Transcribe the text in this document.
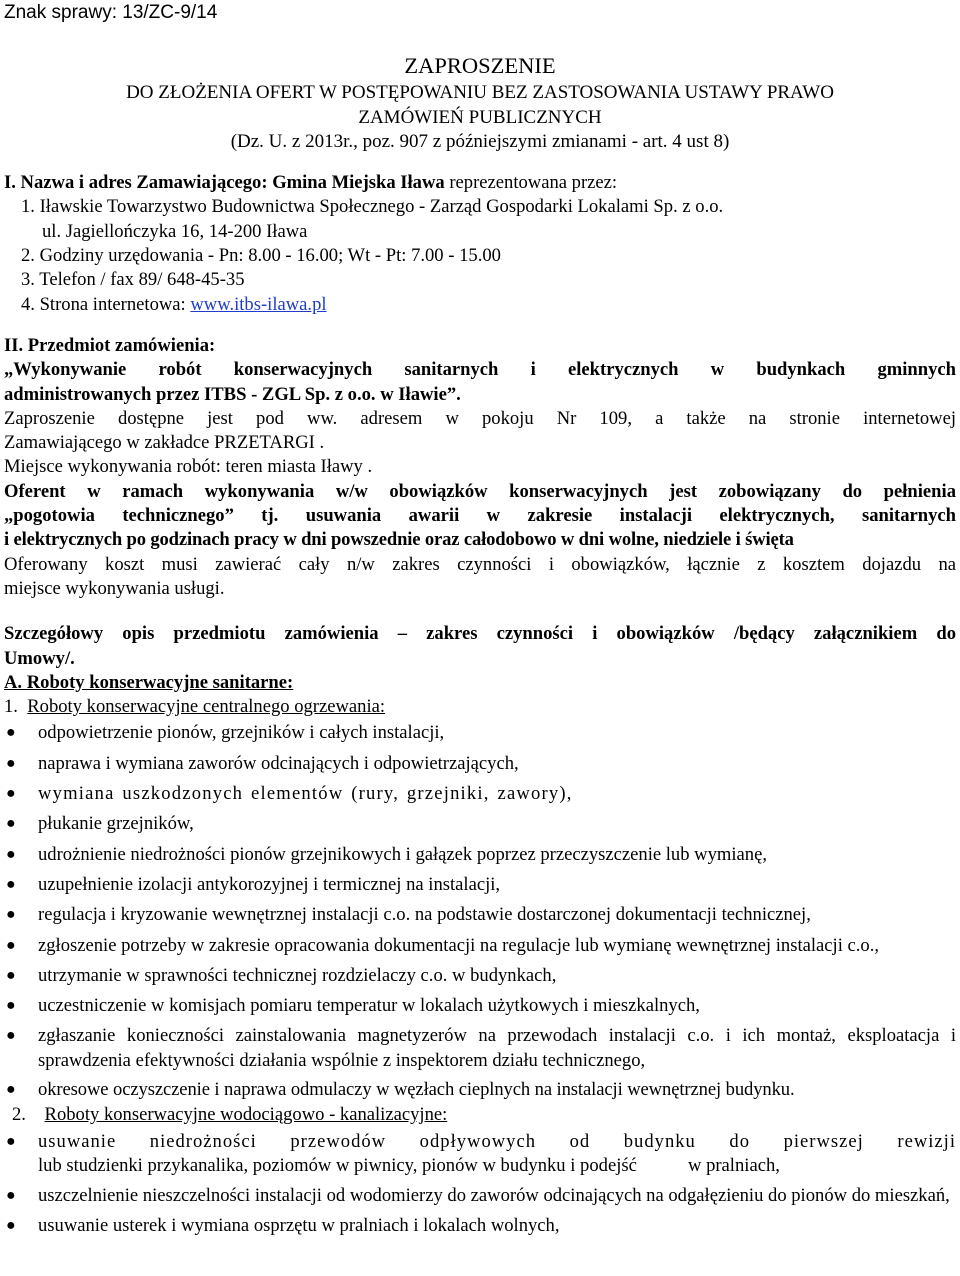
Znak sprawy: 13/ZC-9/14

ZAPROSZENIE

DO ZŁOŻENIA OFERT W POSTĘPOWANIU BEZ ZASTOSOWANIA USTAWY PRAWO

ZAMÓWIEŃ PUBLICZNYCH

(Dz. U. z 2013r., poz. 907 z późniejszymi zmianami - art. 4 ust 8)

I. Nazwa i adres Zamawiającego: Gmina Miejska Iława reprezentowana przez:

1. Iławskie Towarzystwo Budownictwa Społecznego - Zarząd Gospodarki Lokalami Sp. z o.o.

ul. Jagiellończyka 16, 14-200 Iława

2. Godziny urzędowania - Pn: 8.00 - 16.00; Wt - Pt: 7.00 - 15.00

3. Telefon / fax 89/ 648-45-35

4. Strona internetowa: www.itbs-ilawa.pl

II. Przedmiot zamówienia:

„Wykonywanie robót konserwacyjnych sanitarnych i elektrycznych w budynkach gminnych

administrowanych przez ITBS - ZGL Sp. z o.o. w Iławie”.

Zaproszenie dostępne jest pod ww. adresem w pokoju Nr 109, a także na stronie internetowej

Zamawiającego w zakładce PRZETARGI .

Miejsce wykonywania robót: teren miasta Iławy .

Oferent w ramach wykonywania w/w obowiązków konserwacyjnych jest zobowiązany do pełnienia

„pogotowia technicznego” tj. usuwania awarii w zakresie instalacji elektrycznych, sanitarnych

i elektrycznych po godzinach pracy w dni powszednie oraz całodobowo w dni wolne, niedziele i święta

Oferowany koszt musi zawierać cały n/w zakres czynności i obowiązków, łącznie z kosztem dojazdu na

miejsce wykonywania usługi.

Szczegółowy opis przedmiotu zamówienia – zakres czynności i obowiązków /będący załącznikiem do

Umowy/.

A. Roboty konserwacyjne sanitarne:

1.  Roboty konserwacyjne centralnego ogrzewania:

● odpowietrzenie pionów, grzejników i całych instalacji,
● naprawa i wymiana zaworów odcinających i odpowietrzających,
● wymiana uszkodzonych elementów (rury, grzejniki, zawory),
● płukanie grzejników,
● udrożnienie niedrożności pionów grzejnikowych i gałązek poprzez przeczyszczenie lub wymianę,
● uzupełnienie izolacji antykorozyjnej i termicznej na instalacji,
● regulacja i kryzowanie wewnętrznej instalacji c.o. na podstawie dostarczonej dokumentacji technicznej,
● zgłoszenie potrzeby w zakresie opracowania dokumentacji na regulacje lub wymianę wewnętrznej instalacji c.o.,
● utrzymanie w sprawności technicznej rozdzielaczy c.o. w budynkach,
● uczestniczenie w komisjach pomiaru temperatur w lokalach użytkowych i mieszkalnych,
● zgłaszanie konieczności zainstalowania magnetyzerów na przewodach instalacji c.o. i ich montaż, eksploatacja i sprawdzenia efektywności działania wspólnie z inspektorem działu technicznego,
● okresowe oczyszczenie i naprawa odmulaczy w węzłach cieplnych na instalacji wewnętrznej budynku.

2.    Roboty konserwacyjne wodociągowo - kanalizacyjne:

● usuwanie niedrożności przewodów odpływowych od budynku do pierwszej rewizji
lub studzienki przykanalika, poziomów w piwnicy, pionów w budynku i podejść           w pralniach,
● uszczelnienie nieszczelności instalacji od wodomierzy do zaworów odcinających na odgałęzieniu do pionów do mieszkań,
● usuwanie usterek i wymiana osprzętu w pralniach i lokalach wolnych,
